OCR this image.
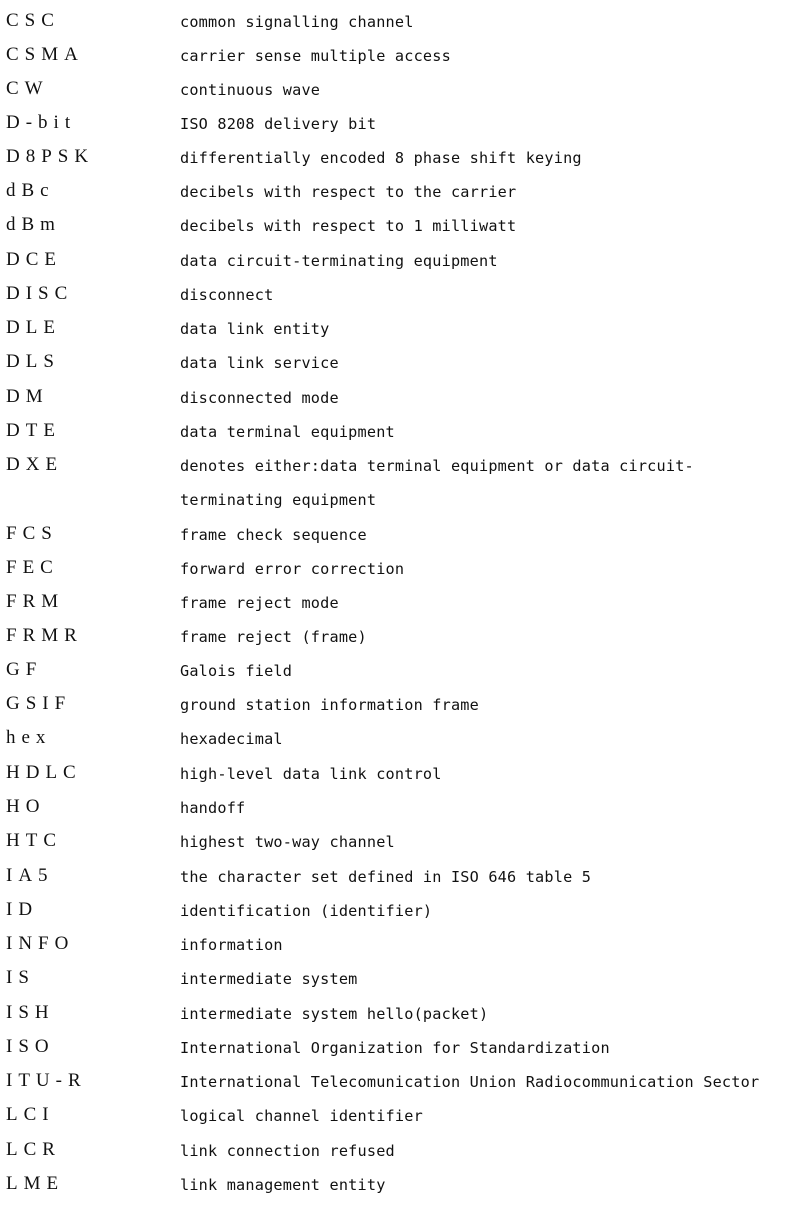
CSC	common signalling channel
CSMA	carrier sense multiple access
CW	continuous wave
D-bit	ISO 8208 delivery bit
D8PSK	differentially encoded 8 phase shift keying
dBc	decibels with respect to the carrier
dBm	decibels with respect to 1 milliwatt
DCE	data circuit-terminating equipment
DISC	disconnect
DLE	data link entity
DLS	data link service
DM	disconnected mode
DTE	data terminal equipment
DXE	denotes either:data terminal equipment or data circuit-
terminating equipment
FCS	frame check sequence
FEC	forward error correction
FRM	frame reject mode
FRMR	frame reject (frame)
GF	Galois field
GSIF	ground station information frame
hex	hexadecimal
HDLC	high-level data link control
HO	handoff
HTC	highest two-way channel
IA5	the character set defined in ISO 646 table 5
ID	identification (identifier)
INFO	information
IS	intermediate system
ISH	intermediate system hello(packet)
ISO	International Organization for Standardization
ITU-R	International Telecomunication Union Radiocommunication Sector
LCI	logical channel identifier
LCR	link connection refused
LME	link management entity
